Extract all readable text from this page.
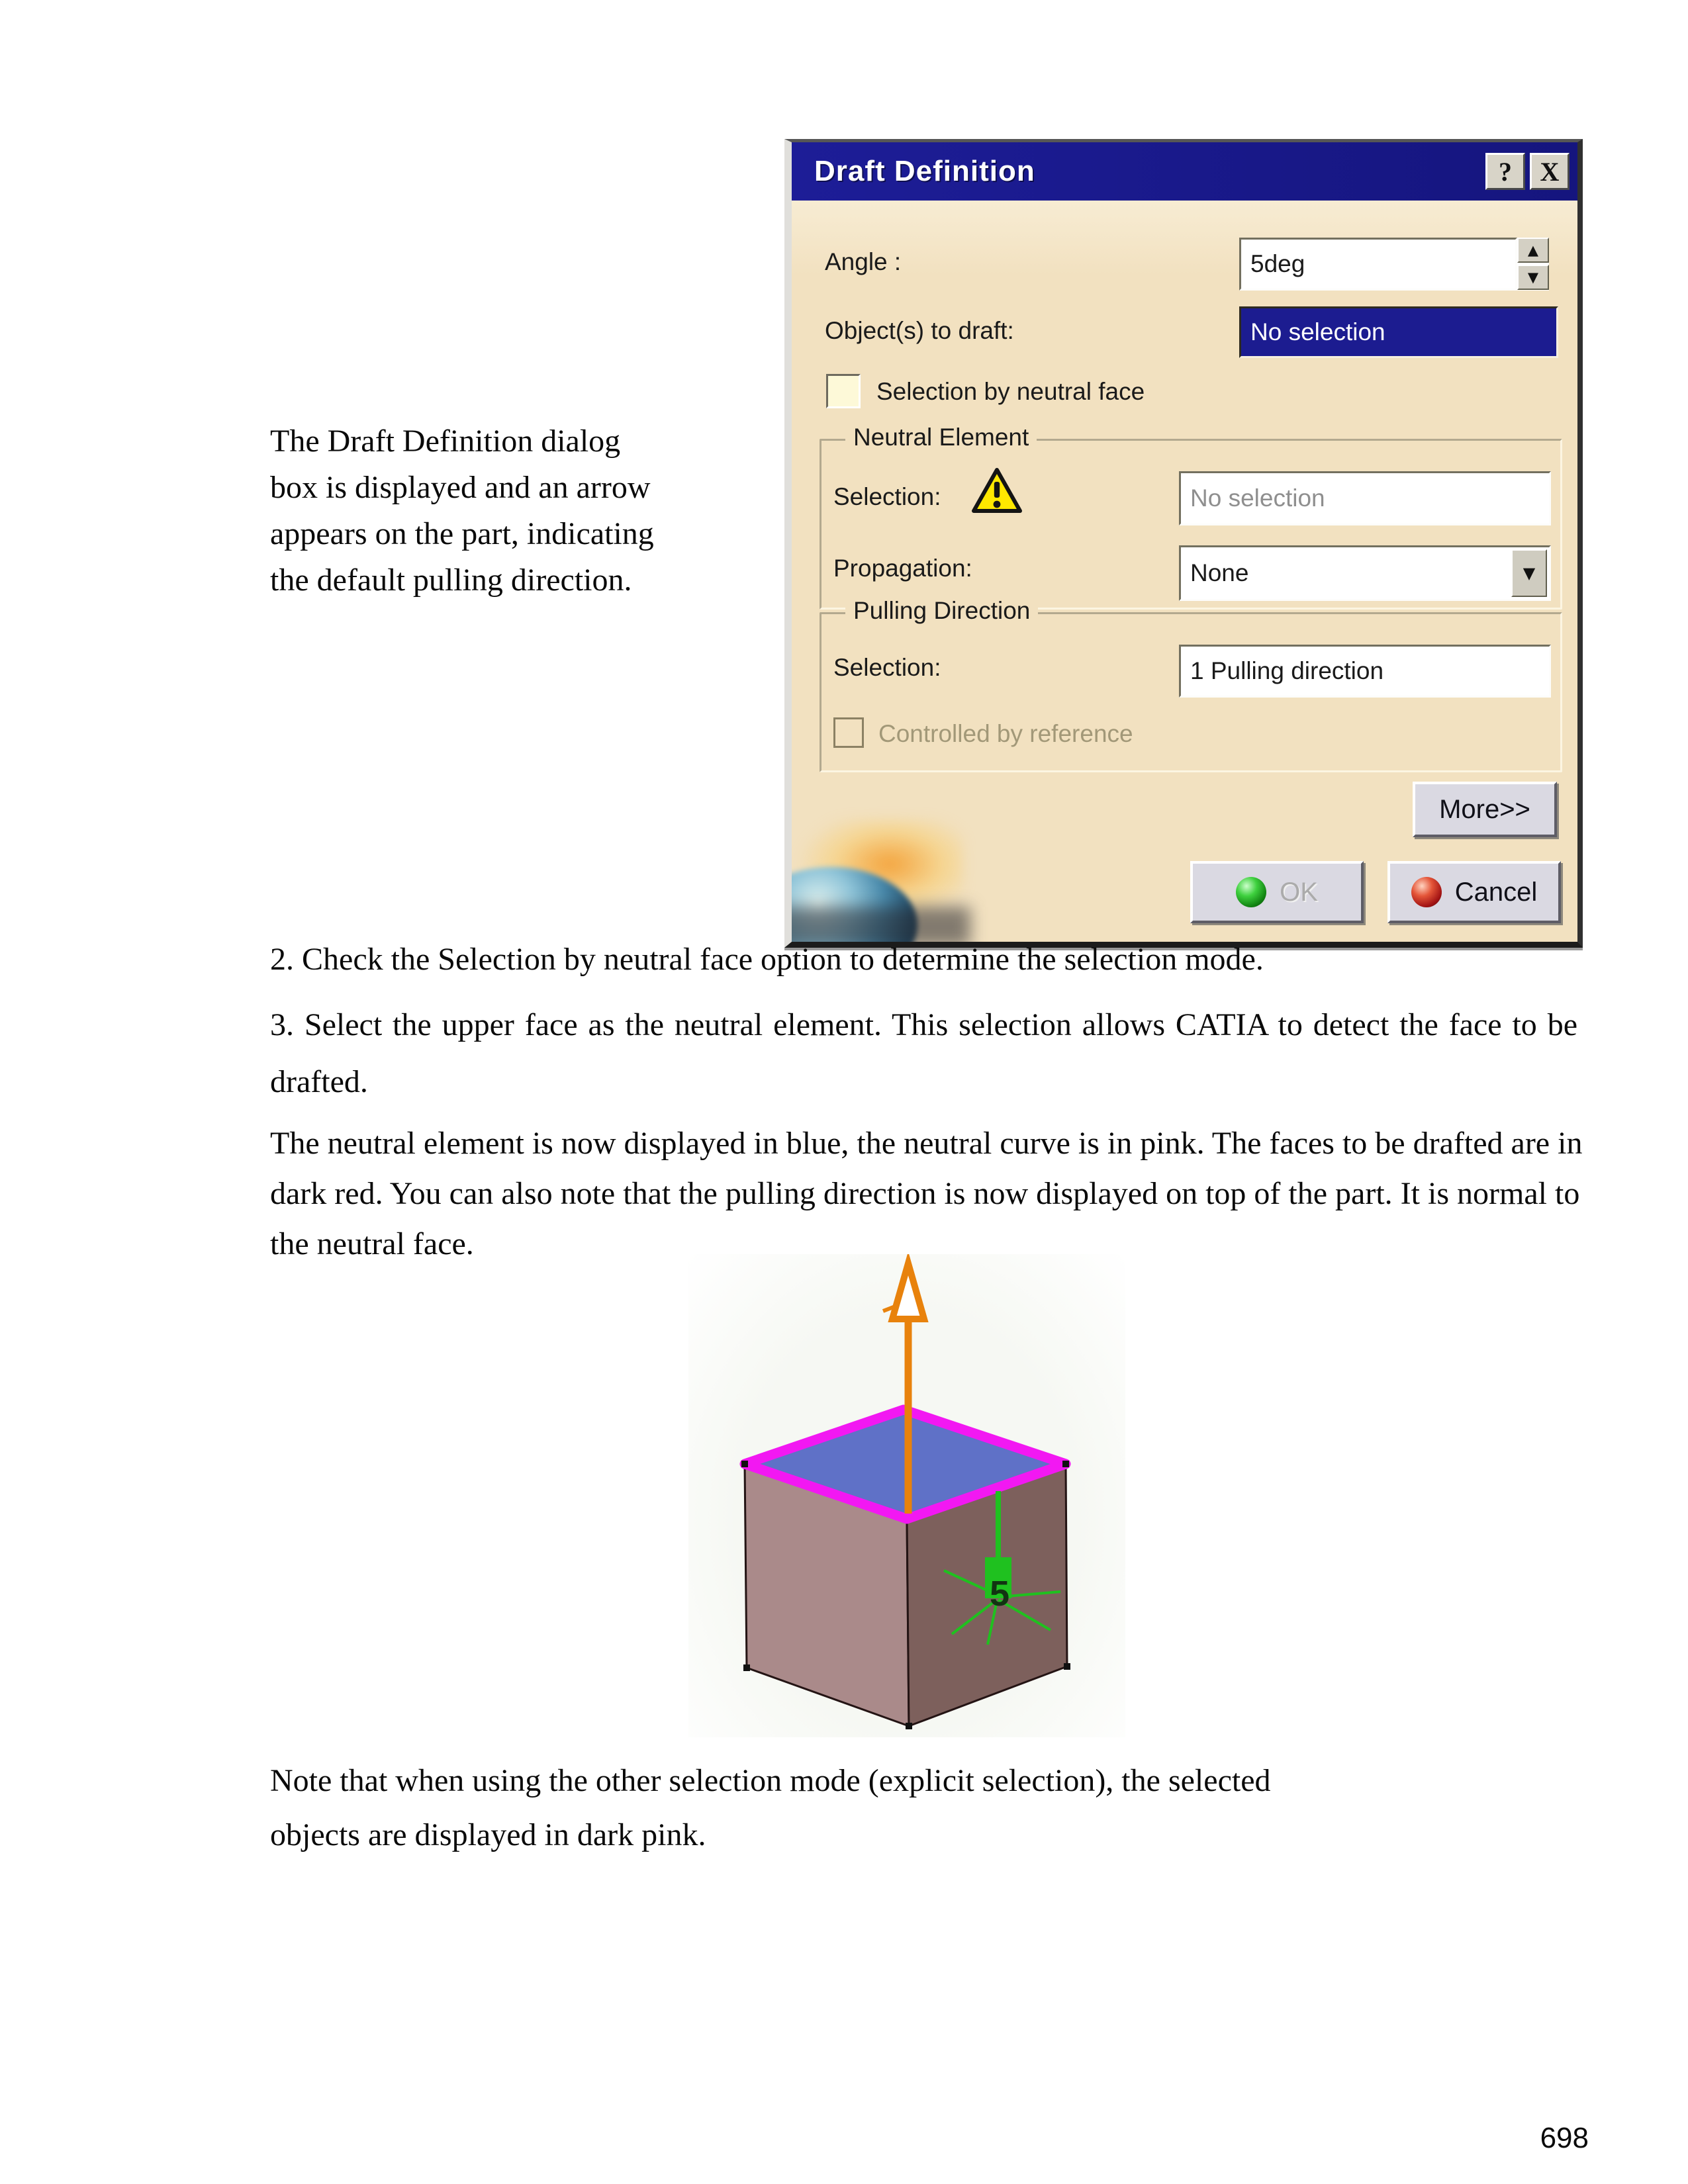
The Draft Definition dialog
box is displayed and an arrow
appears on the part, indicating
the default pulling direction.
Draft Definition	?	X
Angle :	5deg	▲
▼
Object(s) to draft:	No selection
Selection by neutral face
Neutral Element
Selection:	No selection
Propagation:	None	▼
Pulling Direction
Selection:	1 Pulling direction
Controlled by reference
More>>
OK	Cancel
2. Check the Selection by neutral face option to determine the selection mode.
3. Select the upper face as the neutral element. This selection allows CATIA to detect the face to be drafted.
The neutral element is now displayed in blue, the neutral curve is in pink. The faces to be drafted are in dark red. You can also note that the pulling direction is now displayed on top of the part. It is normal to the neutral face.
5
Note that when using the other selection mode (explicit selection), the selected objects are displayed in dark pink.
698
